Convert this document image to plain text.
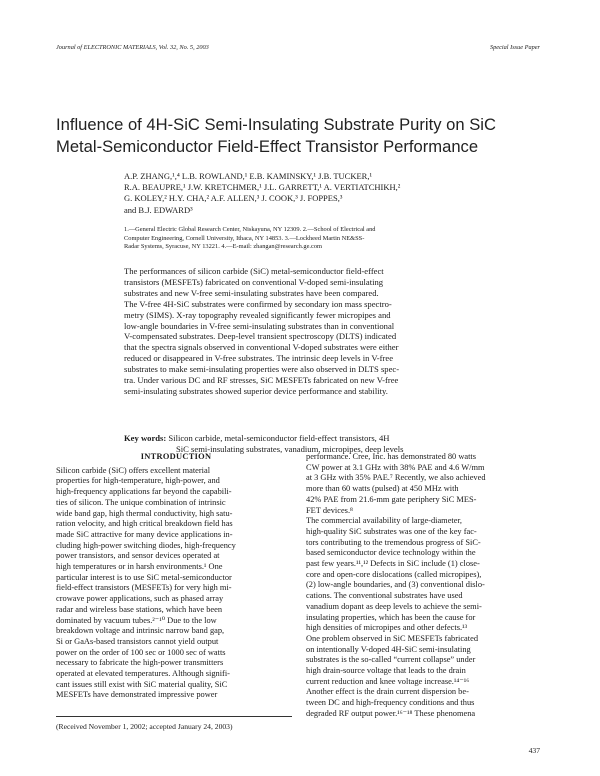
Journal of ELECTRONIC MATERIALS, Vol. 32, No. 5, 2003	Special Issue Paper
Influence of 4H-SiC Semi-Insulating Substrate Purity on SiC
Metal-Semiconductor Field-Effect Transistor Performance
A.P. ZHANG,¹,⁴ L.B. ROWLAND,¹ E.B. KAMINSKY,¹ J.B. TUCKER,¹
R.A. BEAUPRE,¹ J.W. KRETCHMER,¹ J.L. GARRETT,¹ A. VERTIATCHIKH,²
G. KOLEY,² H.Y. CHA,² A.F. ALLEN,³ J. COOK,³ J. FOPPES,³
and B.J. EDWARD³
1.—General Electric Global Research Center, Niskayuna, NY 12309. 2.—School of Electrical and
Computer Engineering, Cornell University, Ithaca, NY 14853. 3.—Lockheed Martin NE&SS-
Radar Systems, Syracuse, NY 13221. 4.—E-mail: zhangan@research.ge.com
The performances of silicon carbide (SiC) metal-semiconductor field-effect
transistors (MESFETs) fabricated on conventional V-doped semi-insulating
substrates and new V-free semi-insulating substrates have been compared.
The V-free 4H-SiC substrates were confirmed by secondary ion mass spectro-
metry (SIMS). X-ray topography revealed significantly fewer micropipes and
low-angle boundaries in V-free semi-insulating substrates than in conventional
V-compensated substrates. Deep-level transient spectroscopy (DLTS) indicated
that the spectra signals observed in conventional V-doped substrates were either
reduced or disappeared in V-free substrates. The intrinsic deep levels in V-free
substrates to make semi-insulating properties were also observed in DLTS spec-
tra. Under various DC and RF stresses, SiC MESFETs fabricated on new V-free
semi-insulating substrates showed superior device performance and stability.
Key words: Silicon carbide, metal-semiconductor field-effect transistors, 4H
SiC semi-insulating substrates, vanadium, micropipes, deep levels
INTRODUCTION
Silicon carbide (SiC) offers excellent material
properties for high-temperature, high-power, and
high-frequency applications far beyond the capabili-
ties of silicon. The unique combination of intrinsic
wide band gap, high thermal conductivity, high satu-
ration velocity, and high critical breakdown field has
made SiC attractive for many device applications in-
cluding high-power switching diodes, high-frequency
power transistors, and sensor devices operated at
high temperatures or in harsh environments.¹ One
particular interest is to use SiC metal-semiconductor
field-effect transistors (MESFETs) for very high mi-
crowave power applications, such as phased array
radar and wireless base stations, which have been
dominated by vacuum tubes.²⁻¹⁰ Due to the low
breakdown voltage and intrinsic narrow band gap,
Si or GaAs-based transistors cannot yield output
power on the order of 100 sec or 1000 sec of watts
necessary to fabricate the high-power transmitters
operated at elevated temperatures. Although signifi-
cant issues still exist with SiC material quality, SiC
MESFETs have demonstrated impressive power
performance. Cree, Inc. has demonstrated 80 watts
CW power at 3.1 GHz with 38% PAE and 4.6 W/mm
at 3 GHz with 35% PAE.⁷ Recently, we also achieved
more than 60 watts (pulsed) at 450 MHz with
42% PAE from 21.6-mm gate periphery SiC MES-
FET devices.⁸
The commercial availability of large-diameter,
high-quality SiC substrates was one of the key fac-
tors contributing to the tremendous progress of SiC-
based semiconductor device technology within the
past few years.¹¹,¹² Defects in SiC include (1) close-
core and open-core dislocations (called micropipes),
(2) low-angle boundaries, and (3) conventional dislo-
cations. The conventional substrates have used
vanadium dopant as deep levels to achieve the semi-
insulating properties, which has been the cause for
high densities of micropipes and other defects.¹³
One problem observed in SiC MESFETs fabricated
on intentionally V-doped 4H-SiC semi-insulating
substrates is the so-called “current collapse” under
high drain-source voltage that leads to the drain
current reduction and knee voltage increase.¹⁴⁻¹⁶
Another effect is the drain current dispersion be-
tween DC and high-frequency conditions and thus
degraded RF output power.¹⁶⁻¹⁸ These phenomena
(Received November 1, 2002; accepted January 24, 2003)
437
